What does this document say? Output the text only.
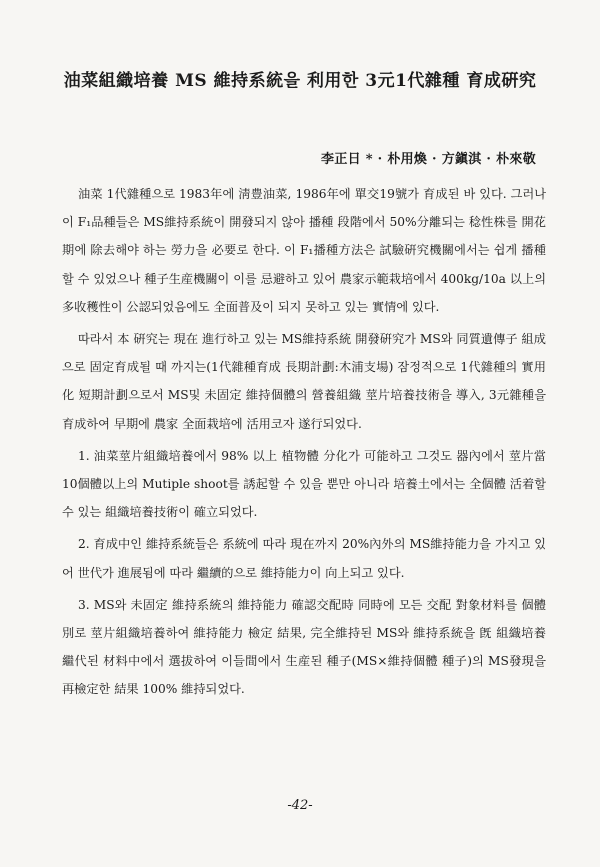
油菜組織培養 MS 維持系統을 利用한 3元1代雜種 育成硏究
李正日 * · 朴用煥 · 方鎭淇 · 朴來敬

油菜 1代雜種으로 1983年에 淸豊油菜, 1986年에 單交19號가 育成된 바 있다. 그러나 이 F₁品種들은 MS維持系統이 開發되지 않아 播種 段階에서 50%分離되는 稔性株를 開花期에 除去해야 하는 勞力을 必要로 한다. 이 F₁播種方法은 試驗硏究機關에서는 쉽게 播種할 수 있었으나 種子生産機關이 이를 忌避하고 있어 農家示範栽培에서 400kg/10a 以上의 多收穫性이 公認되었음에도 全面普及이 되지 못하고 있는 實情에 있다.

따라서 本 硏究는 現在 進行하고 있는 MS維持系統 開發硏究가 MS와 同質遺傳子 組成으로 固定育成될 때 까지는(1代雜種育成 長期計劃:木浦支場) 잠정적으로 1代雜種의 實用化 短期計劃으로서 MS및 未固定 維持個體의 營養組織 莖片培養技術을 導入, 3元雜種을 育成하여 早期에 農家 全面栽培에 活用코자 遂行되었다.

1. 油菜莖片組織培養에서 98% 以上 植物體 分化가 可能하고 그것도 器內에서 莖片當 10個體以上의 Mutiple shoot를 誘起할 수 있을 뿐만 아니라 培養土에서는 全個體 活着할 수 있는 組織培養技術이 確立되었다.

2. 育成中인 維持系統들은 系統에 따라 現在까지 20%內外의 MS維持能力을 가지고 있어 世代가 進展됨에 따라 繼續的으로 維持能力이 向上되고 있다.

3. MS와 未固定 維持系統의 維持能力 確認交配時 同時에 모든 交配 對象材料를 個體別로 莖片組織培養하여 維持能力 檢定 結果, 完全維持된 MS와 維持系統을 旣 組織培養 繼代된 材料中에서 選拔하여 이들間에서 生産된 種子(MS×維持個體 種子)의 MS發現을 再檢定한 結果 100% 維持되었다.

-42-
